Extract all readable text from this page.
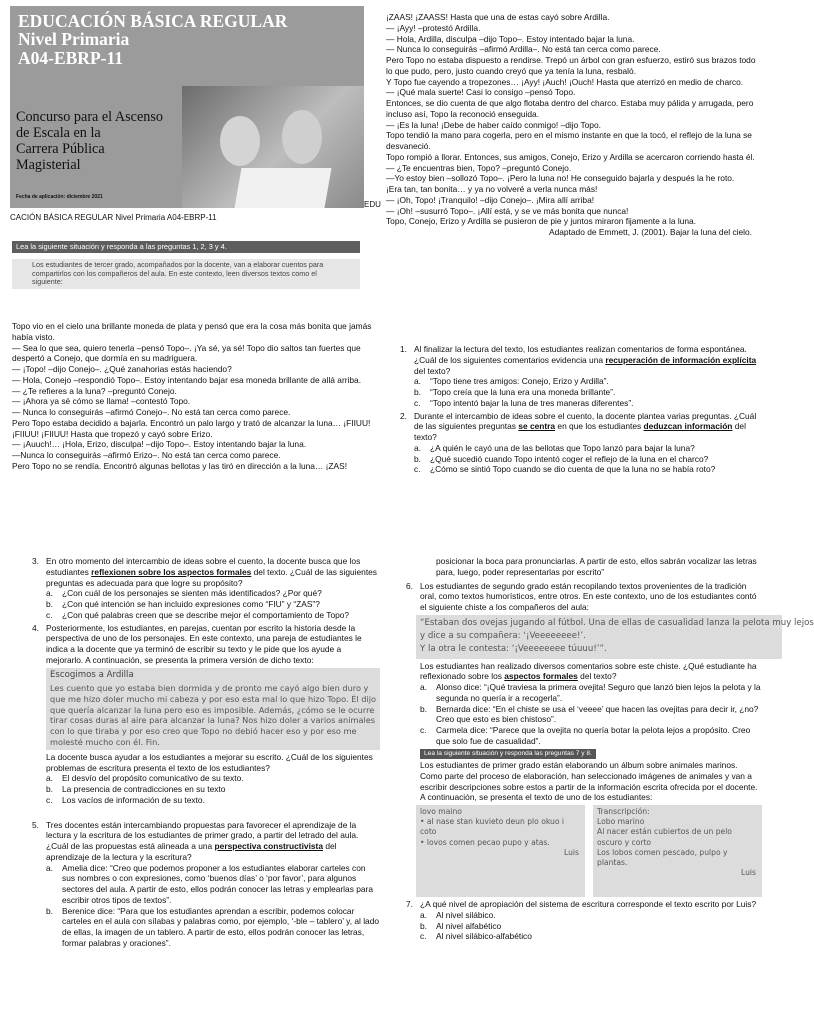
EDUCACIÓN BÁSICA REGULAR
Nivel Primaria
A04-EBRP-11
Concurso para el Ascenso
de Escala en la
Carrera Pública
Magisterial
Fecha de aplicación: diciembre 2021
EDU
CACIÓN BÁSICA REGULAR Nivel Primaria A04-EBRP-11
Lea la siguiente situación y responda a las preguntas 1, 2, 3 y 4.
Los estudiantes de tercer grado, acompañados por la docente, van a elaborar cuentos para compartirlos con los compañeros del aula. En este contexto, leen diversos textos como el siguiente:

Topo vio en el cielo una brillante moneda de plata y pensó que era la cosa más bonita que jamás había visto.

— Sea lo que sea, quiero tenerla –pensó Topo–. ¡Ya sé, ya sé! Topo dio saltos tan fuertes que despertó a Conejo, que dormía en su madriguera.

— ¡Topo! –dijo Conejo–. ¿Qué zanahorias estás haciendo?

— Hola, Conejo –respondió Topo–. Estoy intentando bajar esa moneda brillante de allá arriba.

— ¿Te refieres a la luna? –preguntó Conejo.

— ¡Ahora ya sé cómo se llama! –contestó Topo.

— Nunca lo conseguirás –afirmó Conejo–. No está tan cerca como parece.

Pero Topo estaba decidido a bajarla. Encontró un palo largo y trató de alcanzar la luna… ¡FIIUU! ¡FIIUU! ¡FIIUU! Hasta que tropezó y cayó sobre Erizo.

— ¡Auuch!… ¡Hola, Erizo, disculpa! –dijo Topo–. Estoy intentando bajar la luna.

—Nunca lo conseguirás –afirmó Erizo–. No está tan cerca como parece.

Pero Topo no se rendía. Encontró algunas bellotas y las tiró en dirección a la luna… ¡ZAS!

¡ZAAS! ¡ZAASS! Hasta que una de estas cayó sobre Ardilla.

— ¡Ayy! –protestó Ardilla.

— Hola, Ardilla, disculpa –dijo Topo–. Estoy intentado bajar la luna.

— Nunca lo conseguirás –afirmó Ardilla–. No está tan cerca como parece.

Pero Topo no estaba dispuesto a rendirse. Trepó un árbol con gran esfuerzo, estiró sus brazos todo lo que pudo, pero, justo cuando creyó que ya tenía la luna, resbaló.

Y Topo fue cayendo a tropezones… ¡Ayy! ¡Auch! ¡Ouch! Hasta que aterrizó en medio de charco.

— ¡Qué mala suerte! Casi lo consigo –pensó Topo.

Entonces, se dio cuenta de que algo flotaba dentro del charco. Estaba muy pálida y arrugada, pero incluso así, Topo la reconoció enseguida.

— ¡Es la luna! ¡Debe de haber caído conmigo! –dijo Topo.

Topo tendió la mano para cogerla, pero en el mismo instante en que la tocó, el reflejo de la luna se desvaneció.

Topo rompió a llorar. Entonces, sus amigos, Conejo, Erizo y Ardilla se acercaron corriendo hasta él.

— ¿Te encuentras bien, Topo? –preguntó Conejo.

—Yo estoy bien –sollozó Topo–. ¡Pero la luna no! He conseguido bajarla y después la he roto.

¡Era tan, tan bonita… y ya no volveré a verla nunca más!

— ¡Oh, Topo! ¡Tranquilo! –dijo Conejo–. ¡Mira allí arriba!

— ¡Oh! –susurró Topo–. ¡Allí está, y se ve más bonita que nunca!

Topo, Conejo, Erizo y Ardilla se pusieron de pie y juntos miraron fijamente a la luna.

Adaptado de Emmett, J. (2001). Bajar la luna del cielo.

1. Al finalizar la lectura del texto, los estudiantes realizan comentarios de forma espontánea. ¿Cuál de los siguientes comentarios evidencia una recuperación de información explícita del texto?
a. “Topo tiene tres amigos: Conejo, Erizo y Ardilla”.
b. “Topo creía que la luna era una moneda brillante”.
c. “Topo intentó bajar la luna de tres maneras diferentes”.
2. Durante el intercambio de ideas sobre el cuento, la docente plantea varias preguntas. ¿Cuál de las siguientes preguntas se centra en que los estudiantes deduzcan información del texto?
a. ¿A quién le cayó una de las bellotas que Topo lanzó para bajar la luna?
b. ¿Qué sucedió cuando Topo intentó coger el reflejo de la luna en el charco?
c. ¿Cómo se sintió Topo cuando se dio cuenta de que la luna no se había roto?
3. En otro momento del intercambio de ideas sobre el cuento, la docente busca que los estudiantes reflexionen sobre los aspectos formales del texto. ¿Cuál de las siguientes preguntas es adecuada para que logre su propósito?
a. ¿Con cuál de los personajes se sienten más identificados? ¿Por qué?
b. ¿Con qué intención se han incluido expresiones como “FIU” y “ZAS”?
c. ¿Con qué palabras creen que se describe mejor el comportamiento de Topo?
4. Posteriormente, los estudiantes, en parejas, cuentan por escrito la historia desde la perspectiva de uno de los personajes. En este contexto, una pareja de estudiantes le indica a la docente que ya terminó de escribir su texto y le pide que los ayude a mejorarlo. A continuación, se presenta la primera versión de dicho texto:
Escogimos a Ardilla
Les cuento que yo estaba bien dormida y de pronto me cayó algo bien duro y que me hizo doler mucho mi cabeza y por eso esta mal lo que hizo Topo. Él dijo que quería alcanzar la luna pero eso es imposible. Además, ¿cómo se le ocurre tirar cosas duras al aire para alcanzar la luna? Nos hizo doler a varios animales con lo que tiraba y por eso creo que Topo no debió hacer eso y por eso me molesté mucho con él. Fin.
La docente busca ayudar a los estudiantes a mejorar su escrito. ¿Cuál de los siguientes problemas de escritura presenta el texto de los estudiantes?
a. El desvío del propósito comunicativo de su texto.
b. La presencia de contradicciones en su texto
c. Los vacíos de información de su texto.
5. Tres docentes están intercambiando propuestas para favorecer el aprendizaje de la lectura y la escritura de los estudiantes de primer grado, a partir del letrado del aula. ¿Cuál de las propuestas está alineada a una perspectiva constructivista del aprendizaje de la lectura y la escritura?
a. Amelia dice: “Creo que podemos proponer a los estudiantes elaborar carteles con sus nombres o con expresiones, como ‘buenos días’ o ‘por favor’, para algunos sectores del aula. A partir de esto, ellos podrán conocer las letras y emplearlas para escribir otros tipos de textos”.
b. Berenice dice: “Para que los estudiantes aprendan a escribir, podemos colocar carteles en el aula con sílabas y palabras como, por ejemplo, ‘-ble – tablero’ y, al lado de ellas, la imagen de un tablero. A partir de esto, ellos podrán conocer las letras, formar palabras y oraciones”.

posicionar la boca para pronunciarlas. A partir de esto, ellos sabrán vocalizar las letras para, luego, poder representarlas por escrito”

6. Los estudiantes de segundo grado están recopilando textos provenientes de la tradición oral, como textos humorísticos, entre otros. En este contexto, uno de los estudiantes contó el siguiente chiste a los compañeros del aula:
“Estaban dos ovejas jugando al fútbol. Una de ellas de casualidad lanza la pelota muy lejos
y dice a su compañera: ‘¡Veeeeeeee!’.
Y la otra le contesta: ‘¡Veeeeeeee túuuu!’”.
Los estudiantes han realizado diversos comentarios sobre este chiste. ¿Qué estudiante ha reflexionado sobre los aspectos formales del texto?
a. Alonso dice: “¡Qué traviesa la primera ovejita! Seguro que lanzó bien lejos la pelota y la segunda no quería ir a recogerla”.
b. Bernarda dice: “En el chiste se usa el ‘veeee’ que hacen las ovejitas para decir ir, ¿no? Creo que esto es bien chistoso”.
c. Carmela dice: “Parece que la ovejita no quería botar la pelota lejos a propósito. Creo que solo fue de casualidad”.
Lea la siguiente situación y responda las preguntas 7 y 8.

Los estudiantes de primer grado están elaborando un álbum sobre animales marinos. Como parte del proceso de elaboración, han seleccionado imágenes de animales y van a escribir descripciones sobre estos a partir de la información escrita ofrecida por el docente. A continuación, se presenta el texto de uno de los estudiantes:

lovo maino
• al nase stan kuvieto deun plo okuo i coto
• lovos comen pecao pupo y atas.
Luis
Transcripción:
Lobo marino
Al nacer están cubiertos de un pelo oscuro y corto
Los lobos comen pescado, pulpo y plantas.
Luis
7. ¿A qué nivel de apropiación del sistema de escritura corresponde el texto escrito por Luis?
a. Al nivel silábico.
b. Al nivel alfabético
c. Al nivel silábico-alfabético
